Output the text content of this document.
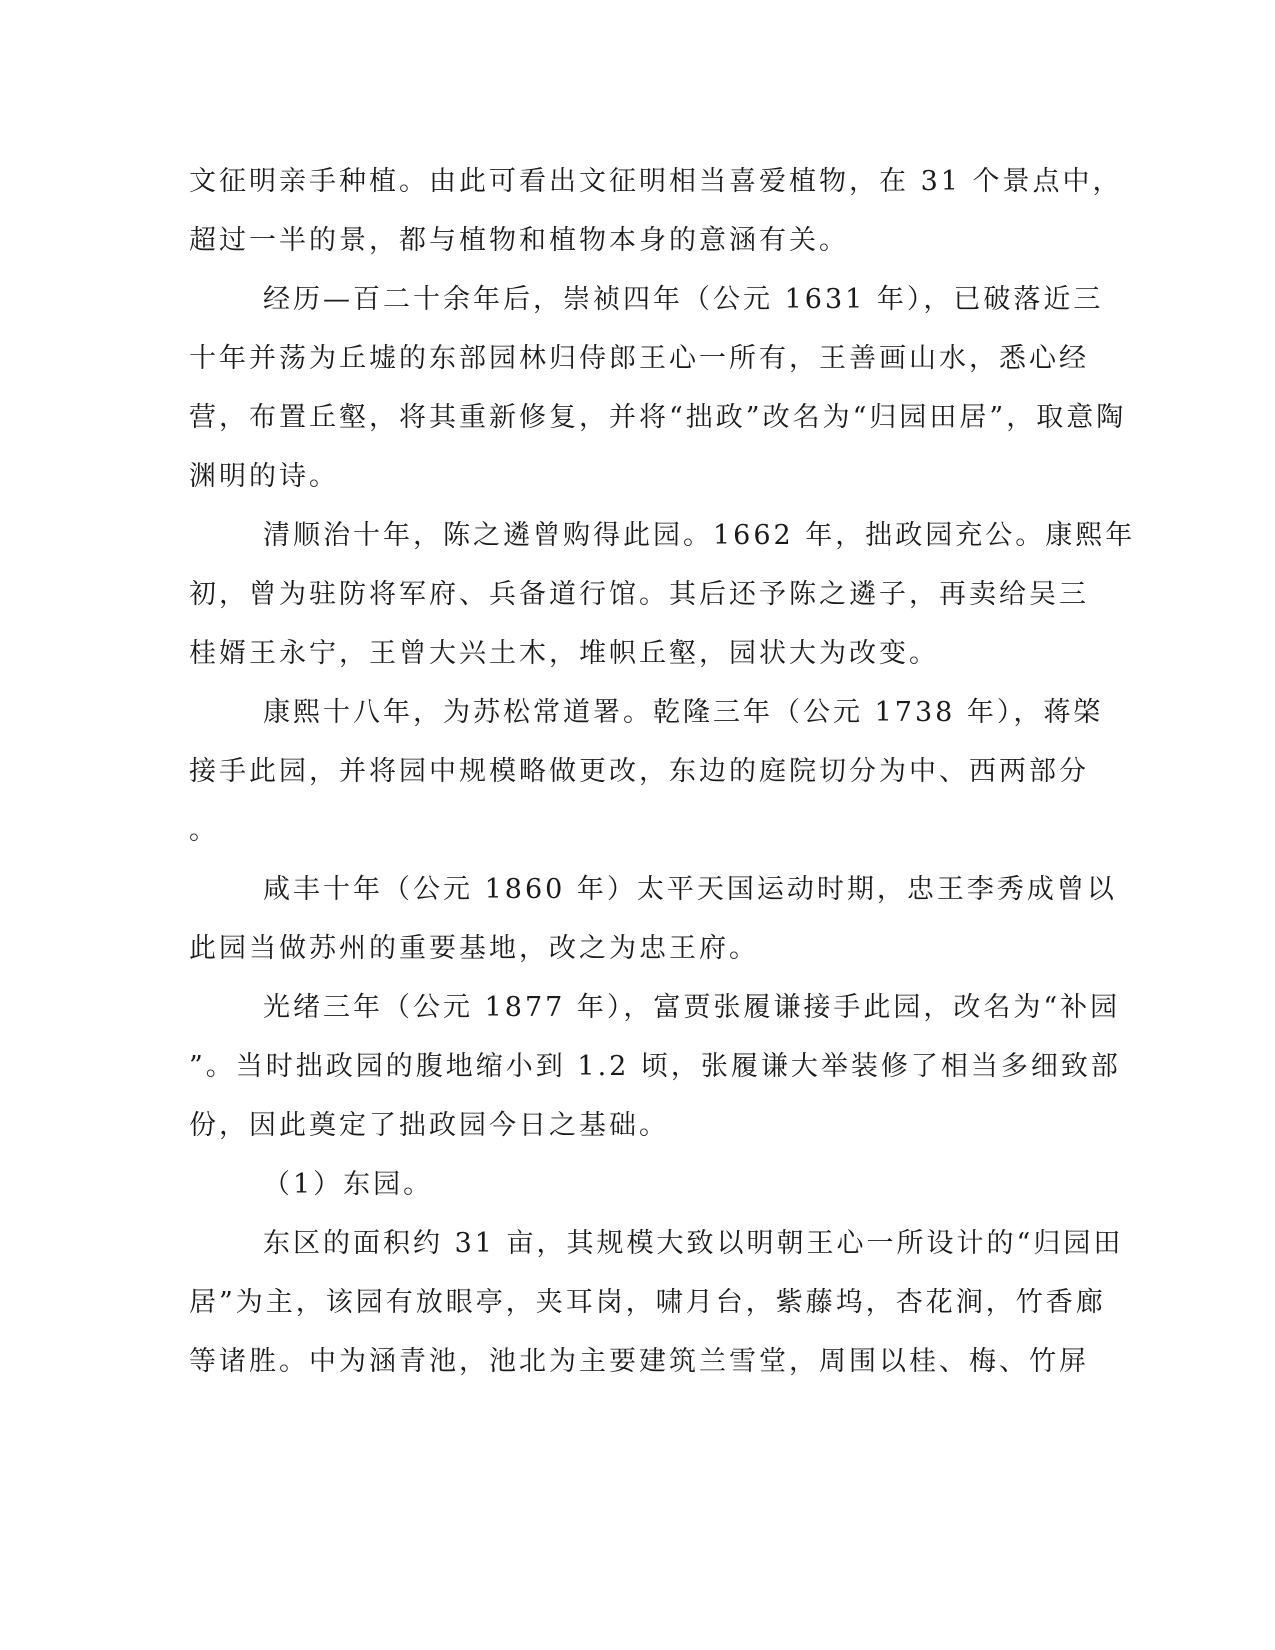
文征明亲手种植。由此可看出文征明相当喜爱植物，在 31 个景点中，

超过一半的景，都与植物和植物本身的意涵有关。

经历—百二十余年后，崇祯四年（公元 1631 年），已破落近三

十年并荡为丘墟的东部园林归侍郎王心一所有，王善画山水，悉心经

营，布置丘壑，将其重新修复，并将“拙政”改名为“归园田居”，取意陶

渊明的诗。

清顺治十年，陈之遴曾购得此园。1662 年，拙政园充公。康熙年

初，曾为驻防将军府、兵备道行馆。其后还予陈之遴子，再卖给吴三

桂婿王永宁，王曾大兴土木，堆帜丘壑，园状大为改变。

康熙十八年，为苏松常道署。乾隆三年（公元 1738 年），蒋棨

接手此园，并将园中规模略做更改，东边的庭院切分为中、西两部分

。

咸丰十年（公元 1860 年）太平天国运动时期，忠王李秀成曾以

此园当做苏州的重要基地，改之为忠王府。

光绪三年（公元 1877 年），富贾张履谦接手此园，改名为“补园

”。当时拙政园的腹地缩小到 1.2 顷，张履谦大举装修了相当多细致部

份，因此奠定了拙政园今日之基础。

（1）东园。

东区的面积约 31 亩，其规模大致以明朝王心一所设计的“归园田

居”为主，该园有放眼亭，夹耳岗，啸月台，紫藤坞，杏花涧，竹香廊

等诸胜。中为涵青池，池北为主要建筑兰雪堂，周围以桂、梅、竹屏
